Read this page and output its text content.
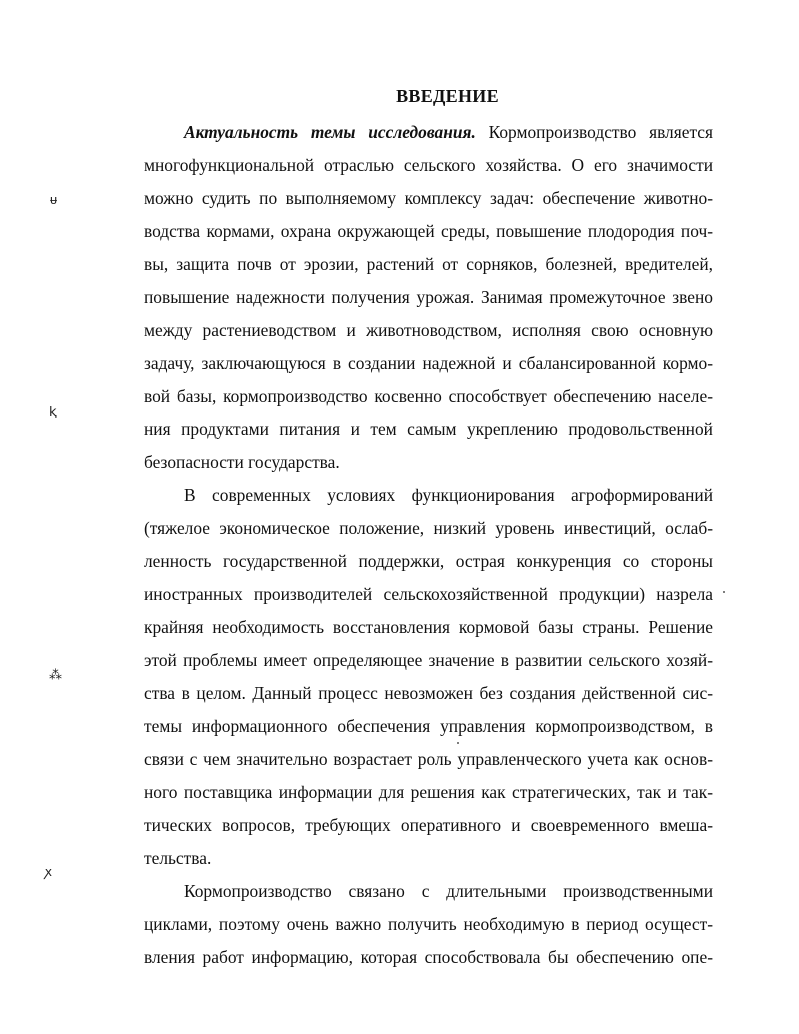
ᵾ
ⱪ
⁂
ꭗ
ВВЕДЕНИЕ
Актуальность темы исследования. Кормопроизводство является
многофункциональной отраслью сельского хозяйства. О его значимости
можно судить по выполняемому комплексу задач: обеспечение животно-
водства кормами, охрана окружающей среды, повышение плодородия поч-
вы, защита почв от эрозии, растений от сорняков, болезней, вредителей,
повышение надежности получения урожая. Занимая промежуточное звено
между растениеводством и животноводством, исполняя свою основную
задачу, заключающуюся в создании надежной и сбалансированной кормо-
вой базы, кормопроизводство косвенно способствует обеспечению населе-
ния продуктами питания и тем самым укреплению продовольственной
безопасности государства.
В современных условиях функционирования агроформирований
(тяжелое экономическое положение, низкий уровень инвестиций, ослаб-
ленность государственной поддержки, острая конкуренция со стороны
иностранных производителей сельскохозяйственной продукции) назрела
крайняя необходимость восстановления кормовой базы страны. Решение
этой проблемы имеет определяющее значение в развитии сельского хозяй-
ства в целом. Данный процесс невозможен без создания действенной сис-
темы информационного обеспечения управления кормопроизводством, в
связи с чем значительно возрастает роль управленческого учета как основ-
ного поставщика информации для решения как стратегических, так и так-
тических вопросов, требующих оперативного и своевременного вмеша-
тельства.
Кормопроизводство связано с длительными производственными
циклами, поэтому очень важно получить необходимую в период осущест-
вления работ информацию, которая способствовала бы обеспечению опе-
